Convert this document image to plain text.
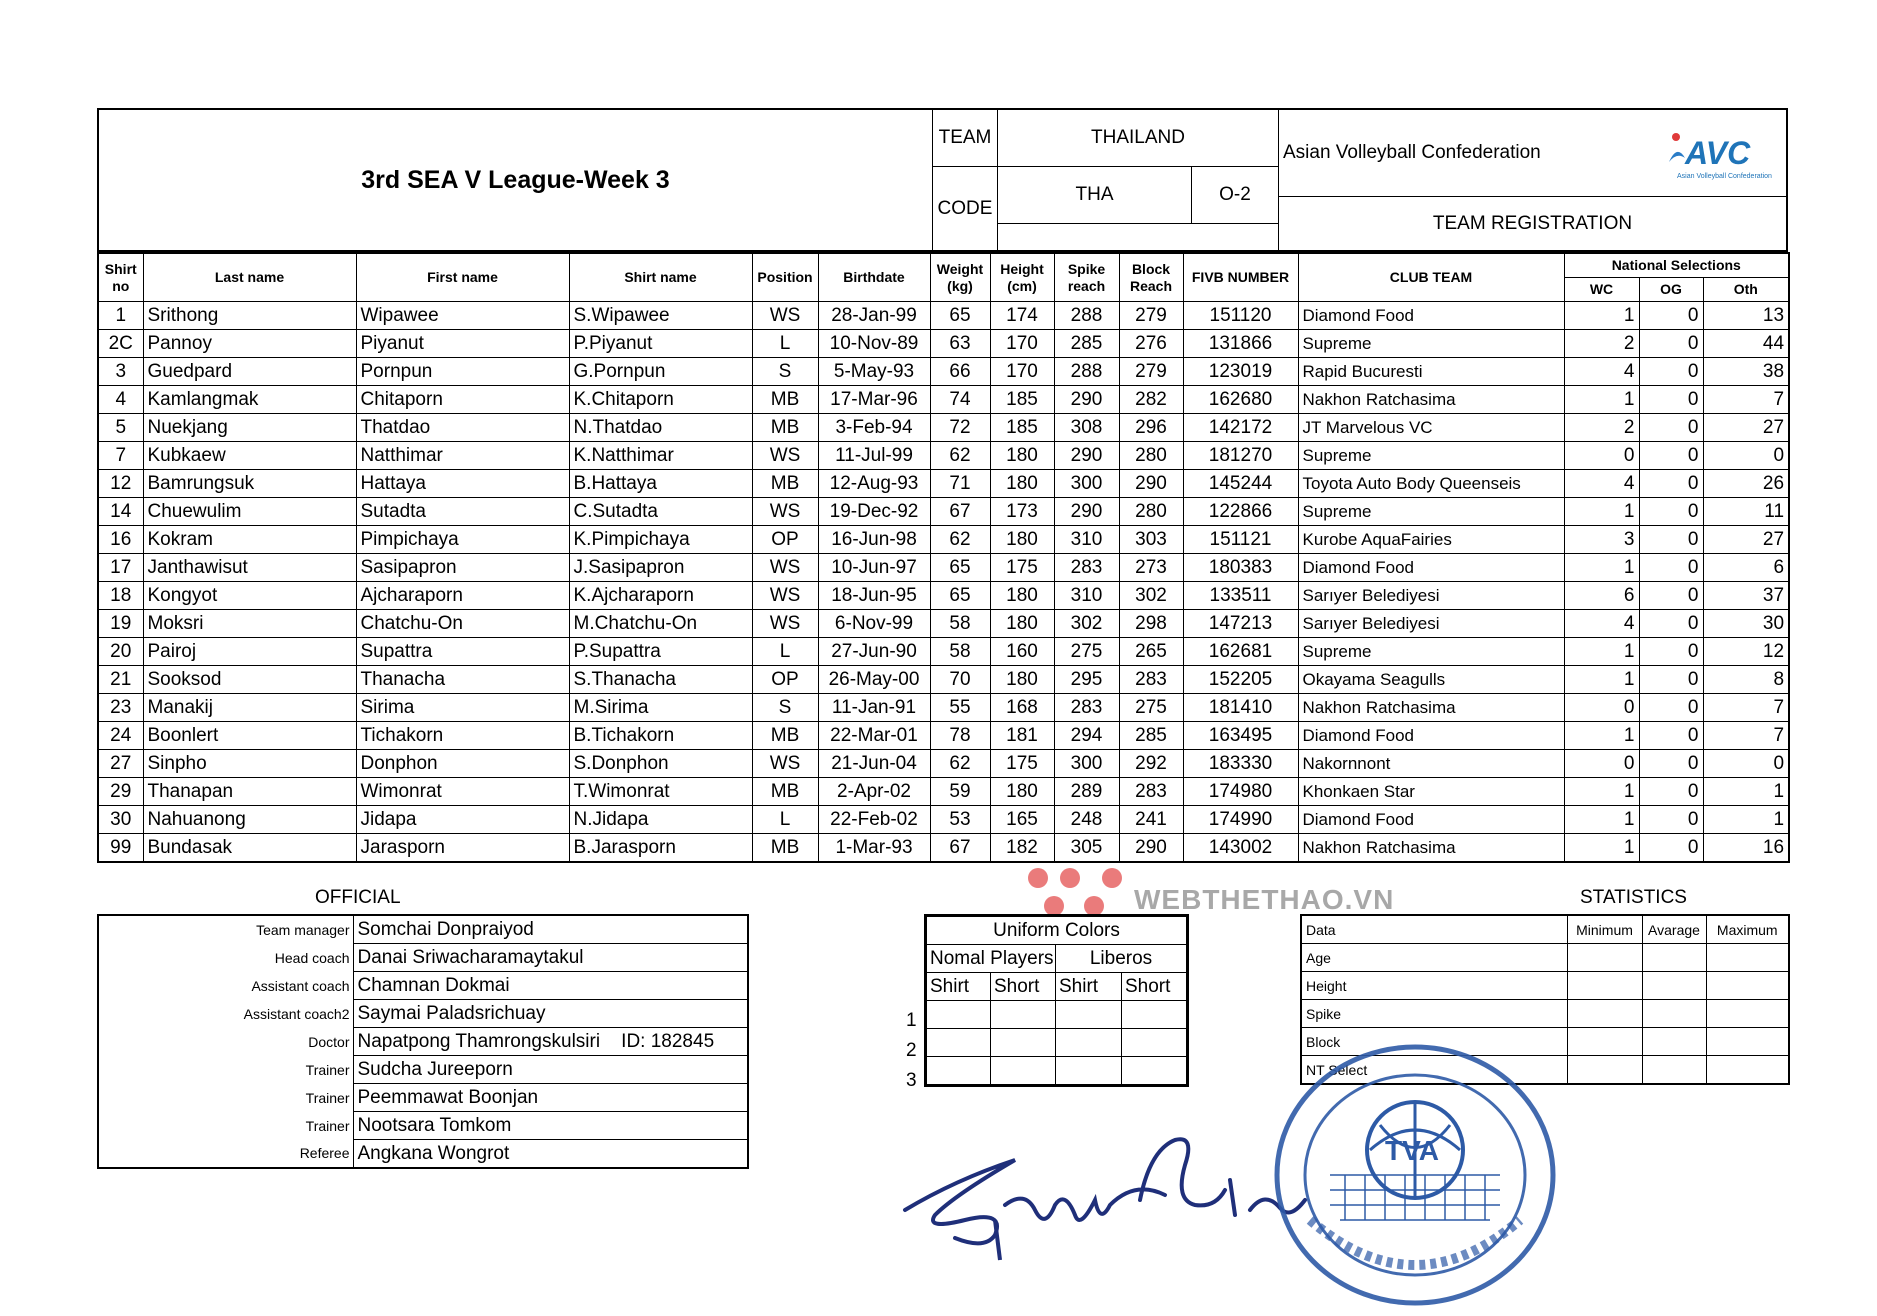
3rd SEA V League-Week 3
TEAM	THAILAND
CODE
THA	O-2
Asian Volleyball Confederation	AVC
Asian Volleyball Confederation
TEAM REGISTRATION
Shirt no	Last name	First name	Shirt name	Position	Birthdate	Weight (kg)	Height (cm)	Spike reach	Block Reach	FIVB NUMBER	CLUB TEAM	National Selections		
												WC	OG	Oth
1	Srithong	Wipawee	S.Wipawee	WS	28-Jan-99	65	174	288	279	151120	Diamond Food	1	0	13
2C	Pannoy	Piyanut	P.Piyanut	L	10-Nov-89	63	170	285	276	131866	Supreme	2	0	44
3	Guedpard	Pornpun	G.Pornpun	S	5-May-93	66	170	288	279	123019	Rapid Bucuresti	4	0	38
4	Kamlangmak	Chitaporn	K.Chitaporn	MB	17-Mar-96	74	185	290	282	162680	Nakhon Ratchasima	1	0	7
5	Nuekjang	Thatdao	N.Thatdao	MB	3-Feb-94	72	185	308	296	142172	JT Marvelous VC	2	0	27
7	Kubkaew	Natthimar	K.Natthimar	WS	11-Jul-99	62	180	290	280	181270	Supreme	0	0	0
12	Bamrungsuk	Hattaya	B.Hattaya	MB	12-Aug-93	71	180	300	290	145244	Toyota Auto Body Queenseis	4	0	26
14	Chuewulim	Sutadta	C.Sutadta	WS	19-Dec-92	67	173	290	280	122866	Supreme	1	0	11
16	Kokram	Pimpichaya	K.Pimpichaya	OP	16-Jun-98	62	180	310	303	151121	Kurobe AquaFairies	3	0	27
17	Janthawisut	Sasipapron	J.Sasipapron	WS	10-Jun-97	65	175	283	273	180383	Diamond Food	1	0	6
18	Kongyot	Ajcharaporn	K.Ajcharaporn	WS	18-Jun-95	65	180	310	302	133511	Sarıyer Belediyesi	6	0	37
19	Moksri	Chatchu-On	M.Chatchu-On	WS	6-Nov-99	58	180	302	298	147213	Sarıyer Belediyesi	4	0	30
20	Pairoj	Supattra	P.Supattra	L	27-Jun-90	58	160	275	265	162681	Supreme	1	0	12
21	Sooksod	Thanacha	S.Thanacha	OP	26-May-00	70	180	295	283	152205	Okayama Seagulls	1	0	8
23	Manakij	Sirima	M.Sirima	S	11-Jan-91	55	168	283	275	181410	Nakhon Ratchasima	0	0	7
24	Boonlert	Tichakorn	B.Tichakorn	MB	22-Mar-01	78	181	294	285	163495	Diamond Food	1	0	7
27	Sinpho	Donphon	S.Donphon	WS	21-Jun-04	62	175	300	292	183330	Nakornnont	0	0	0
29	Thanapan	Wimonrat	T.Wimonrat	MB	2-Apr-02	59	180	289	283	174980	Khonkaen Star	1	0	1
30	Nahuanong	Jidapa	N.Jidapa	L	22-Feb-02	53	165	248	241	174990	Diamond Food	1	0	1
99	Bundasak	Jarasporn	B.Jarasporn	MB	1-Mar-93	67	182	305	290	143002	Nakhon Ratchasima	1	0	16
OFFICIAL
Team manager	Somchai Donpraiyod
Head coach	Danai Sriwacharamaytakul
Assistant coach	Chamnan Dokmai
Assistant coach2	Saymai Paladsrichuay
Doctor	Napatpong Thamrongskulsiri    ID: 182845
Trainer	Sudcha Jureeporn
Trainer	Peemmawat Boonjan
Trainer	Nootsara Tomkom
Referee	Angkana Wongrot
WEBTHETHAO.VN
1
2
3
Uniform Colors			
Nomal Players		Liberos	
Shirt	Short	Shirt	Short

STATISTICS
Data	Minimum	Avarage	Maximum
Age			
Height			
Spike			
Block			
NT Select			
TVA
